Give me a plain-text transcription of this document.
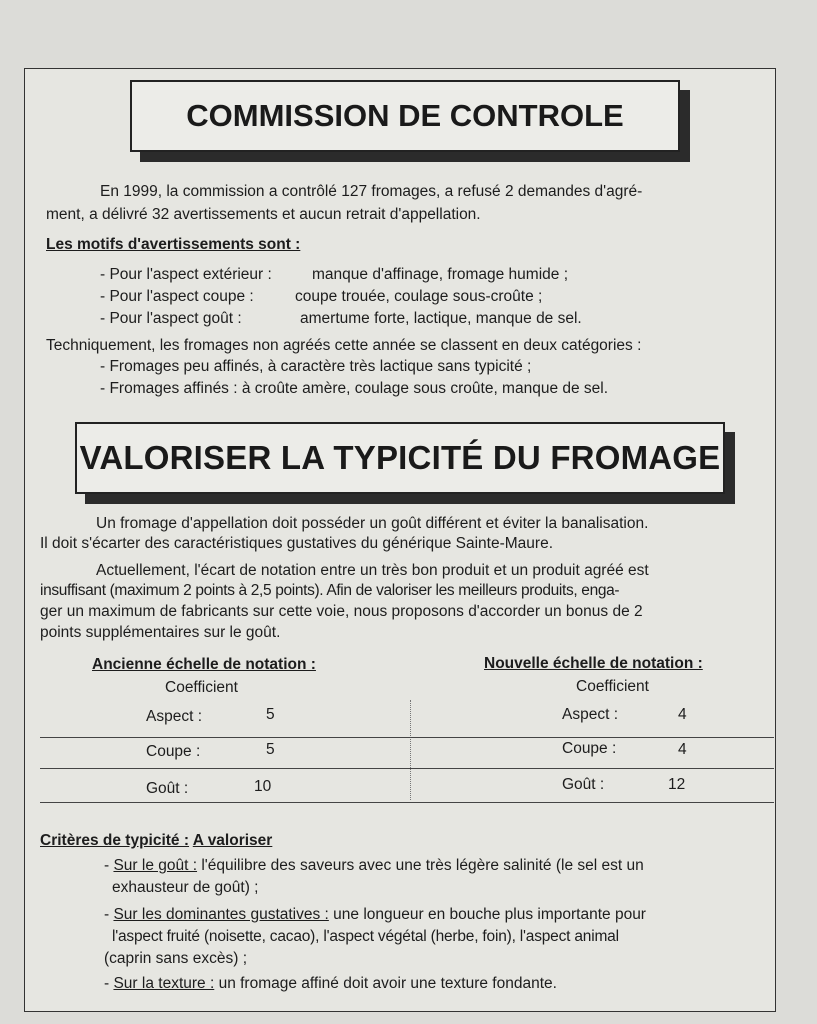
COMMISSION DE CONTROLE
En 1999, la commission a contrôlé 127 fromages, a refusé 2 demandes d'agré-
ment, a délivré 32 avertissements et aucun retrait d'appellation.
Les motifs d'avertissements sont :
- Pour l'aspect extérieur :	manque d'affinage, fromage humide ;
- Pour l'aspect coupe :	coupe trouée, coulage sous-croûte ;
- Pour l'aspect goût :	amertume forte, lactique, manque de sel.
Techniquement, les fromages non agréés cette année se classent en deux catégories :
- Fromages peu affinés, à caractère très lactique sans typicité ;
- Fromages affinés : à croûte amère, coulage sous croûte, manque de sel.
VALORISER LA TYPICITÉ DU FROMAGE
Un fromage d'appellation doit posséder un goût différent et éviter la banalisation.
Il doit s'écarter des caractéristiques gustatives du générique Sainte-Maure.
Actuellement, l'écart de notation entre un très bon produit et un produit agréé est
insuffisant (maximum 2 points à 2,5 points). Afin de valoriser les meilleurs produits, enga-
ger un maximum de fabricants sur cette voie, nous proposons d'accorder un bonus de 2
points supplémentaires sur le goût.
Ancienne échelle de notation :	Nouvelle échelle de notation :
Coefficient	Coefficient
Aspect :	5	Aspect :	4
Coupe :	5	Coupe :	4
Goût :	10	Goût :	12
Critères de typicité : A valoriser
- Sur le goût : l'équilibre des saveurs avec une très légère salinité (le sel est un
exhausteur de goût) ;
- Sur les dominantes gustatives : une longueur en bouche plus importante pour
l'aspect fruité (noisette, cacao), l'aspect végétal (herbe, foin), l'aspect animal
(caprin sans excès) ;
- Sur la texture : un fromage affiné doit avoir une texture fondante.
